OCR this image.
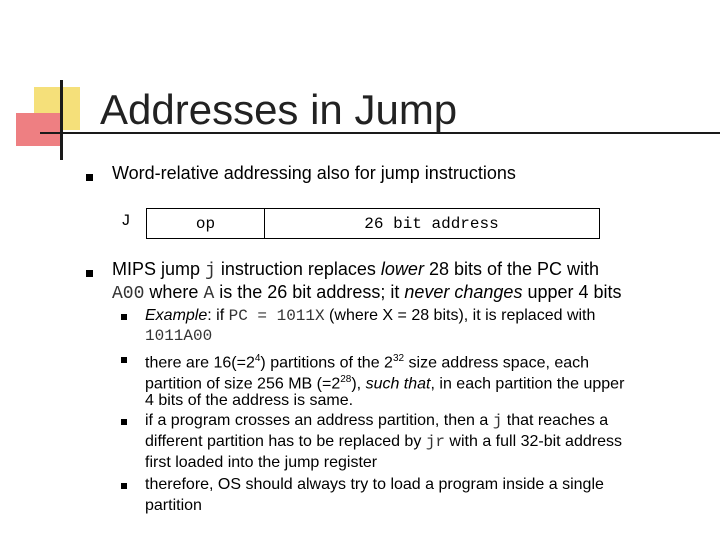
Addresses in Jump
Word-relative addressing also for jump instructions
J	op	26 bit address
MIPS jump j instruction replaces lower 28 bits of the PC with
A00 where A is the 26 bit address; it never changes upper 4 bits
Example: if PC = 1011X (where X = 28 bits), it is replaced with
1011A00
there are $16(=2^4)$ partitions of the $2^{32}$ size address space, each
partition of size 256 MB $(=2^{28})$, such that, in each partition the upper
4 bits of the address is same.
if a program crosses an address partition, then a j that reaches a
different partition has to be replaced by jr with a full 32-bit address
first loaded into the jump register
therefore, OS should always try to load a program inside a single
partition
